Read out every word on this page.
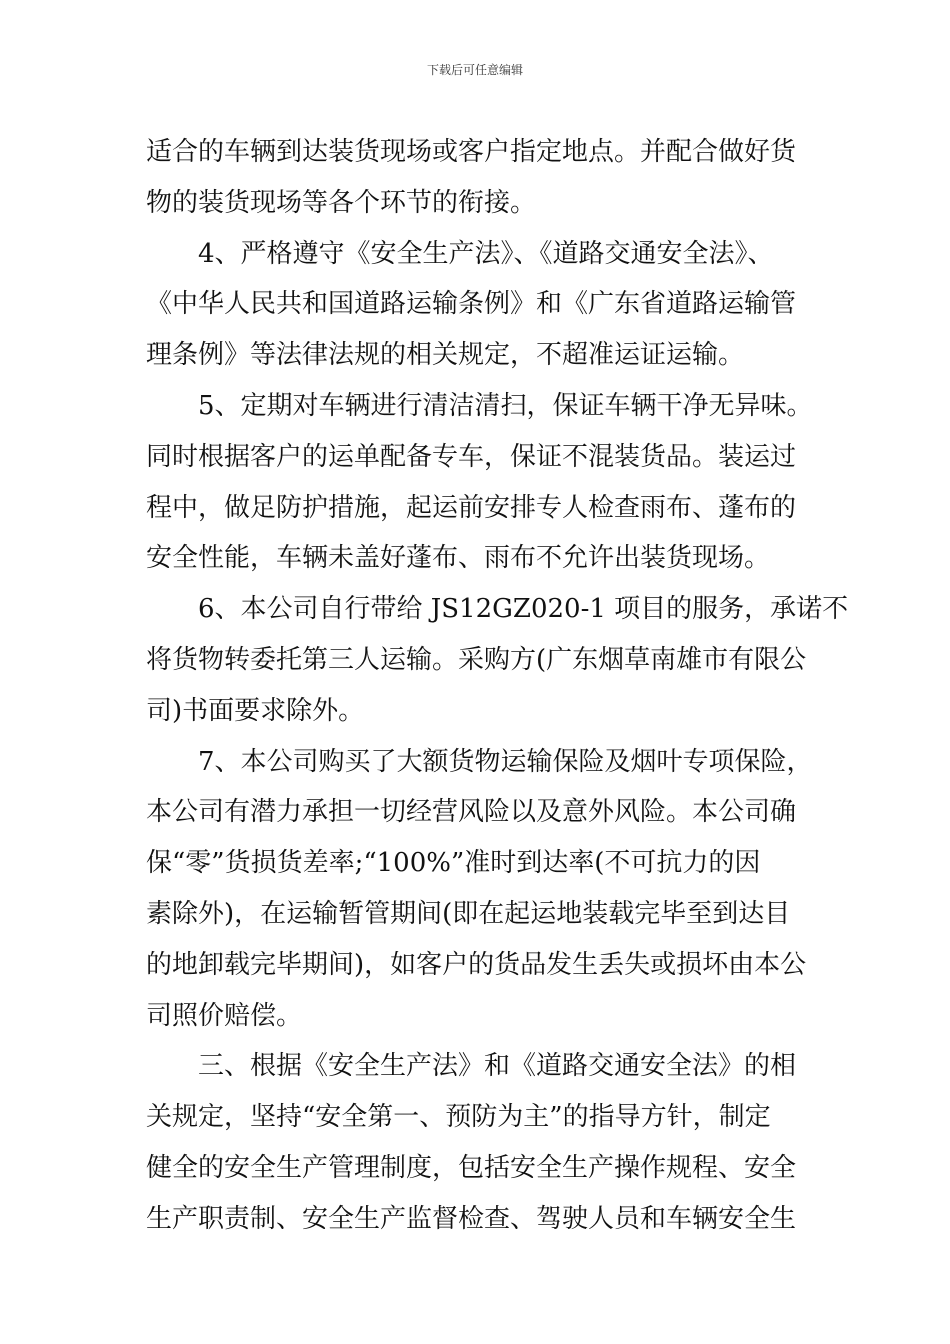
下载后可任意编辑
适合的车辆到达装货现场或客户指定地点。并配合做好货
物的装货现场等各个环节的衔接。
4、严格遵守《安全生产法》、《道路交通安全法》、
《中华人民共和国道路运输条例》和《广东省道路运输管
理条例》等法律法规的相关规定，不超准运证运输。
5、定期对车辆进行清洁清扫，保证车辆干净无异味。
同时根据客户的运单配备专车，保证不混装货品。装运过
程中，做足防护措施，起运前安排专人检查雨布、蓬布的
安全性能，车辆未盖好蓬布、雨布不允许出装货现场。
6、本公司自行带给 JS12GZ020-1 项目的服务，承诺不
将货物转委托第三人运输。采购方(广东烟草南雄市有限公
司)书面要求除外。
7、本公司购买了大额货物运输保险及烟叶专项保险，
本公司有潜力承担一切经营风险以及意外风险。本公司确
保“零”货损货差率;“100%”准时到达率(不可抗力的因
素除外)，在运输暂管期间(即在起运地装载完毕至到达目
的地卸载完毕期间)，如客户的货品发生丢失或损坏由本公
司照价赔偿。
三、根据《安全生产法》和《道路交通安全法》的相
关规定，坚持“安全第一、预防为主”的指导方针，制定
健全的安全生产管理制度，包括安全生产操作规程、安全
生产职责制、安全生产监督检查、驾驶人员和车辆安全生
